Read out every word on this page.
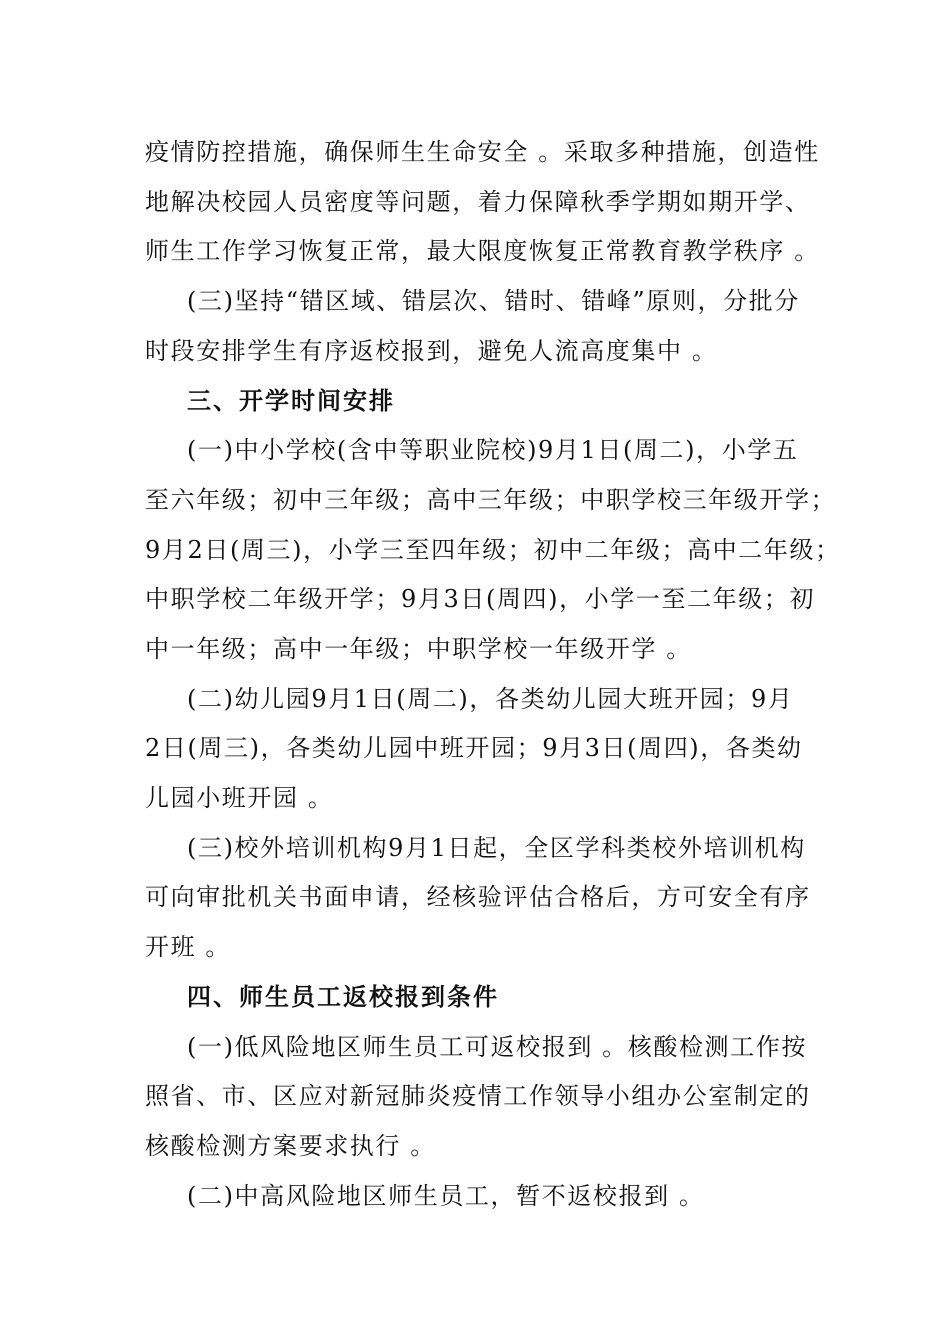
疫情防控措施，确保师生生命安全 。采取多种措施，创造性
地解决校园人员密度等问题，着力保障秋季学期如期开学、
师生工作学习恢复正常，最大限度恢复正常教育教学秩序 。
(三)坚持“错区域、错层次、错时、错峰”原则，分批分
时段安排学生有序返校报到，避免人流高度集中 。
三、开学时间安排
(一)中小学校(含中等职业院校)9月1日(周二)，小学五
至六年级；初中三年级；高中三年级；中职学校三年级开学；
9月2日(周三)，小学三至四年级；初中二年级；高中二年级；
中职学校二年级开学；9月3日(周四)，小学一至二年级；初
中一年级；高中一年级；中职学校一年级开学 。
(二)幼儿园9月1日(周二)，各类幼儿园大班开园；9月
2日(周三)，各类幼儿园中班开园；9月3日(周四)，各类幼
儿园小班开园 。
(三)校外培训机构9月1日起，全区学科类校外培训机构
可向审批机关书面申请，经核验评估合格后，方可安全有序
开班 。
四、师生员工返校报到条件
(一)低风险地区师生员工可返校报到 。核酸检测工作按
照省、市、区应对新冠肺炎疫情工作领导小组办公室制定的
核酸检测方案要求执行 。
(二)中高风险地区师生员工，暂不返校报到 。
